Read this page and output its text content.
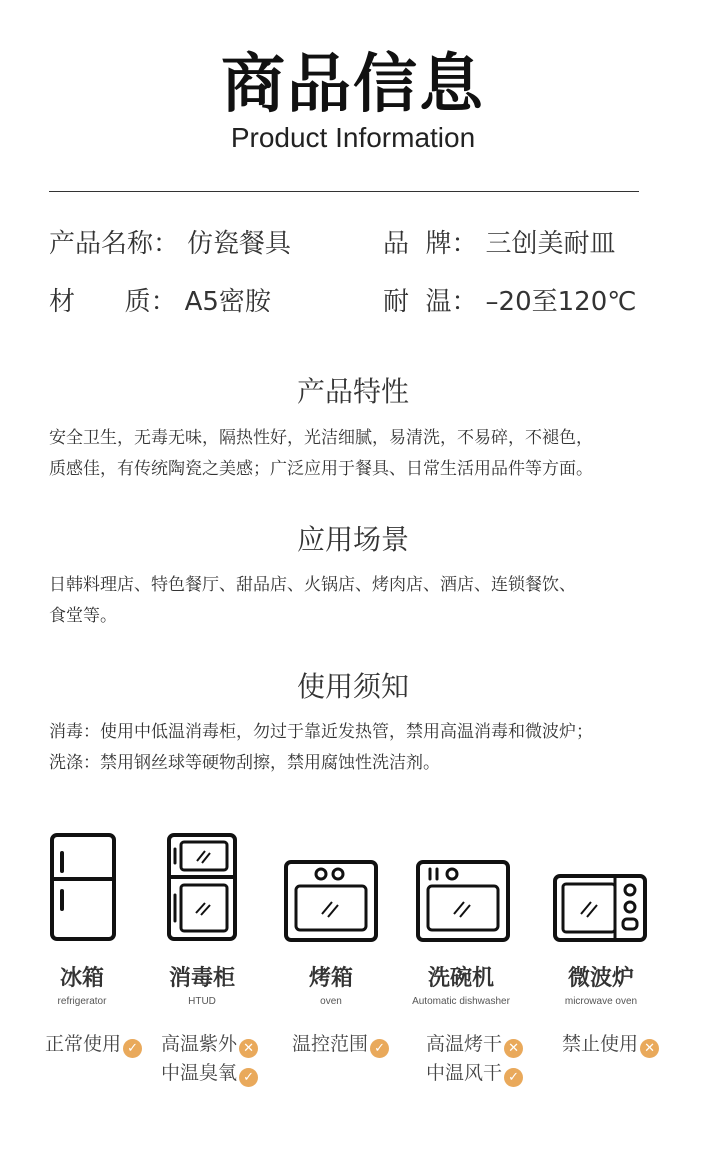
商品信息
Product Information
产品名称： 仿瓷餐具	品  牌： 三创美耐皿
材      质： A5密胺	耐  温： –20至120℃
产品特性
安全卫生，无毒无味，隔热性好，光洁细腻，易清洗，不易碎，不褪色，
质感佳，有传统陶瓷之美感；广泛应用于餐具、日常生活用品件等方面。
应用场景
日韩料理店、特色餐厅、甜品店、火锅店、烤肉店、酒店、连锁餐饮、
食堂等。
使用须知
消毒：使用中低温消毒柜，勿过于靠近发热管，禁用高温消毒和微波炉；
洗涤：禁用钢丝球等硬物刮擦，禁用腐蚀性洗洁剂。
冰箱
refrigerator
正常使用 ✓
消毒柜
HTUD
高温紫外 ✕
中温臭氧 ✓
烤箱
oven
温控范围 ✓
洗碗机
Automatic dishwasher
高温烤干 ✕
中温风干 ✓
微波炉
microwave oven
禁止使用 ✕
